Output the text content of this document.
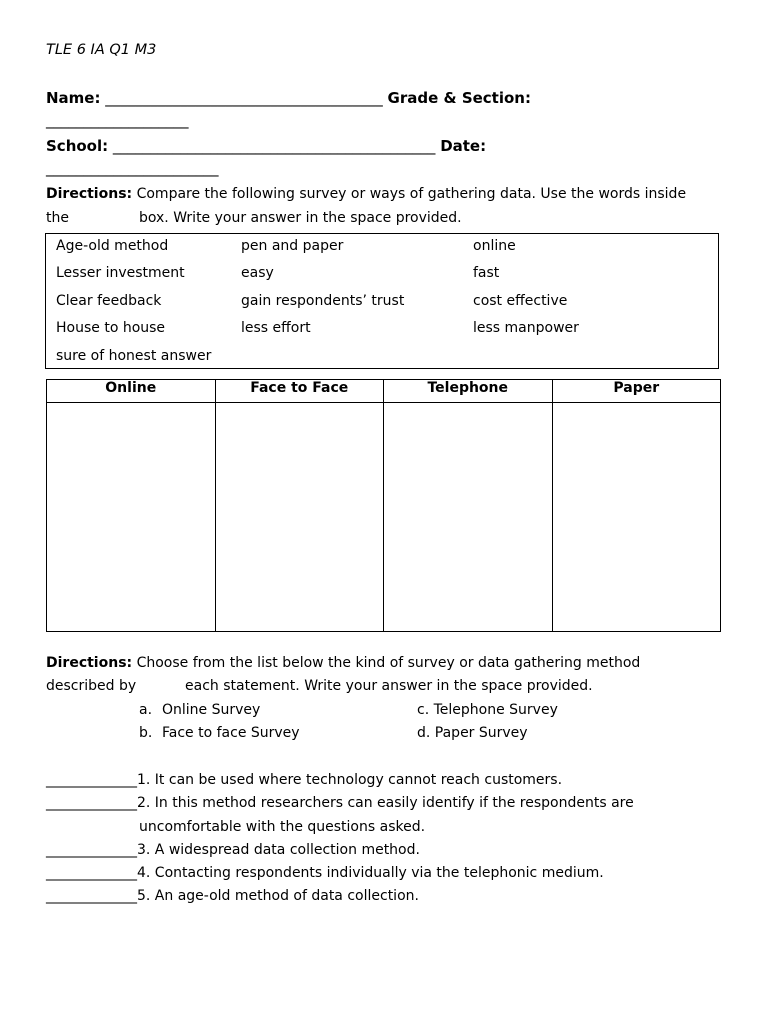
TLE 6 IA Q1 M3
Name: _____________________________________ Grade & Section:
___________________
School: ___________________________________________ Date:
_______________________
Directions: Compare the following survey or ways of gathering data. Use the words inside
the	box. Write your answer in the space provided.
Age-old method	pen and paper	online
Lesser investment	easy	fast
Clear feedback	gain respondents’ trust	cost effective
House to house	less effort	less manpower
sure of honest answer
Online	Face to Face	Telephone	Paper

Directions: Choose from the list below the kind of survey or data gathering method
described by	each statement. Write your answer in the space provided.
a. Online Survey	c. Telephone Survey
b. Face to face Survey	d. Paper Survey
_____________1. It can be used where technology cannot reach customers.
_____________2. In this method researchers can easily identify if the respondents are
uncomfortable with the questions asked.
_____________3. A widespread data collection method.
_____________4. Contacting respondents individually via the telephonic medium.
_____________5. An age-old method of data collection.
